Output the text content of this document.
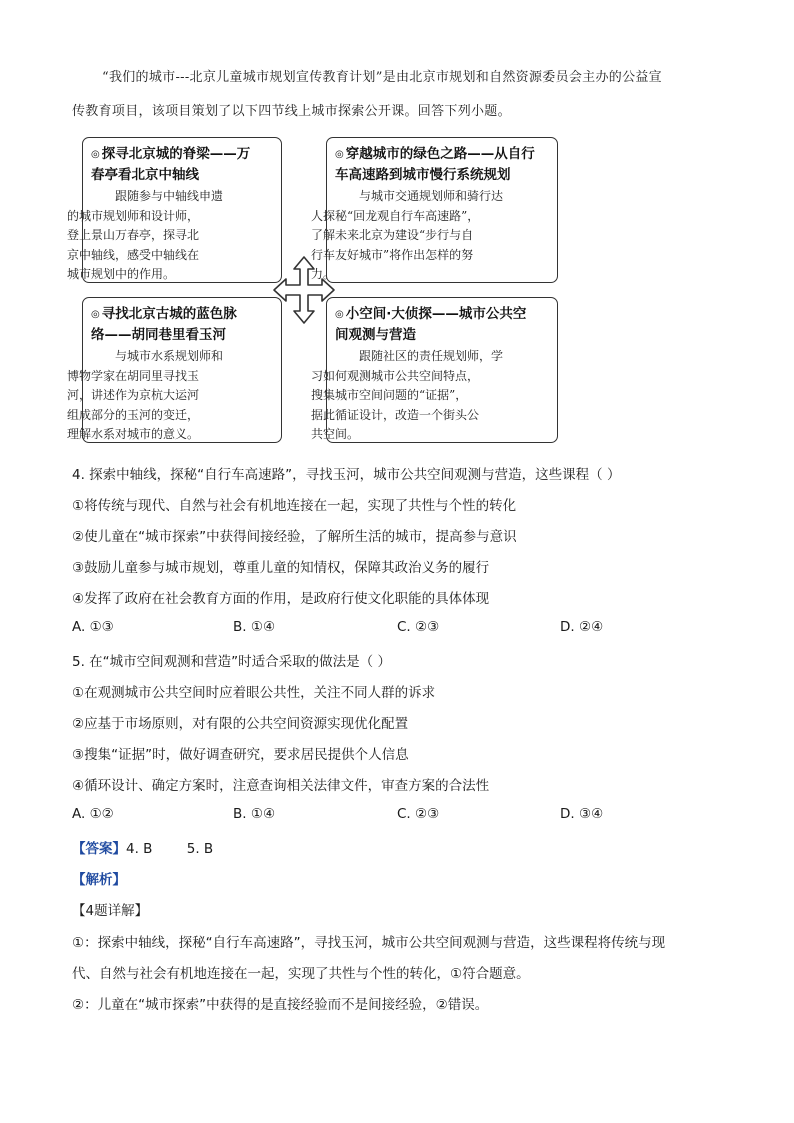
“我们的城市---北京儿童城市规划宣传教育计划”是由北京市规划和自然资源委员会主办的公益宣
传教育项目，该项目策划了以下四节线上城市探索公开课。回答下列小题。
◎ 探寻北京城的脊梁——万
春亭看北京中轴线
跟随参与中轴线申遗
的城市规划师和设计师，
登上景山万春亭，探寻北
京中轴线，感受中轴线在
城市规划中的作用。
◎ 穿越城市的绿色之路——从自行
车高速路到城市慢行系统规划
与城市交通规划师和骑行达
人探秘“回龙观自行车高速路”，
了解未来北京为建设“步行与自
行车友好城市”将作出怎样的努
力。
◎ 寻找北京古城的蓝色脉
络——胡同巷里看玉河
与城市水系规划师和
博物学家在胡同里寻找玉
河，讲述作为京杭大运河
组成部分的玉河的变迁，
理解水系对城市的意义。
◎ 小空间·大侦探——城市公共空
间观测与营造
跟随社区的责任规划师，学
习如何观测城市公共空间特点，
搜集城市空间问题的“证据”，
据此循证设计，改造一个街头公
共空间。
4. 探索中轴线，探秘“自行车高速路”，寻找玉河，城市公共空间观测与营造，这些课程（ ）
①将传统与现代、自然与社会有机地连接在一起，实现了共性与个性的转化
②使儿童在“城市探索”中获得间接经验，了解所生活的城市，提高参与意识
③鼓励儿童参与城市规划，尊重儿童的知情权，保障其政治义务的履行
④发挥了政府在社会教育方面的作用，是政府行使文化职能的具体体现
A. ①③	B. ①④	C. ②③	D. ②④
5. 在“城市空间观测和营造”时适合采取的做法是（ ）
①在观测城市公共空间时应着眼公共性，关注不同人群的诉求
②应基于市场原则，对有限的公共空间资源实现优化配置
③搜集“证据”时，做好调查研究，要求居民提供个人信息
④循环设计、确定方案时，注意查询相关法律文件，审查方案的合法性
A. ①②	B. ①④	C. ②③	D. ③④
【答案】4. B        5. B
【解析】
【4题详解】
①：探索中轴线，探秘“自行车高速路”，寻找玉河，城市公共空间观测与营造，这些课程将传统与现
代、自然与社会有机地连接在一起，实现了共性与个性的转化，①符合题意。
②：儿童在“城市探索”中获得的是直接经验而不是间接经验，②错误。
